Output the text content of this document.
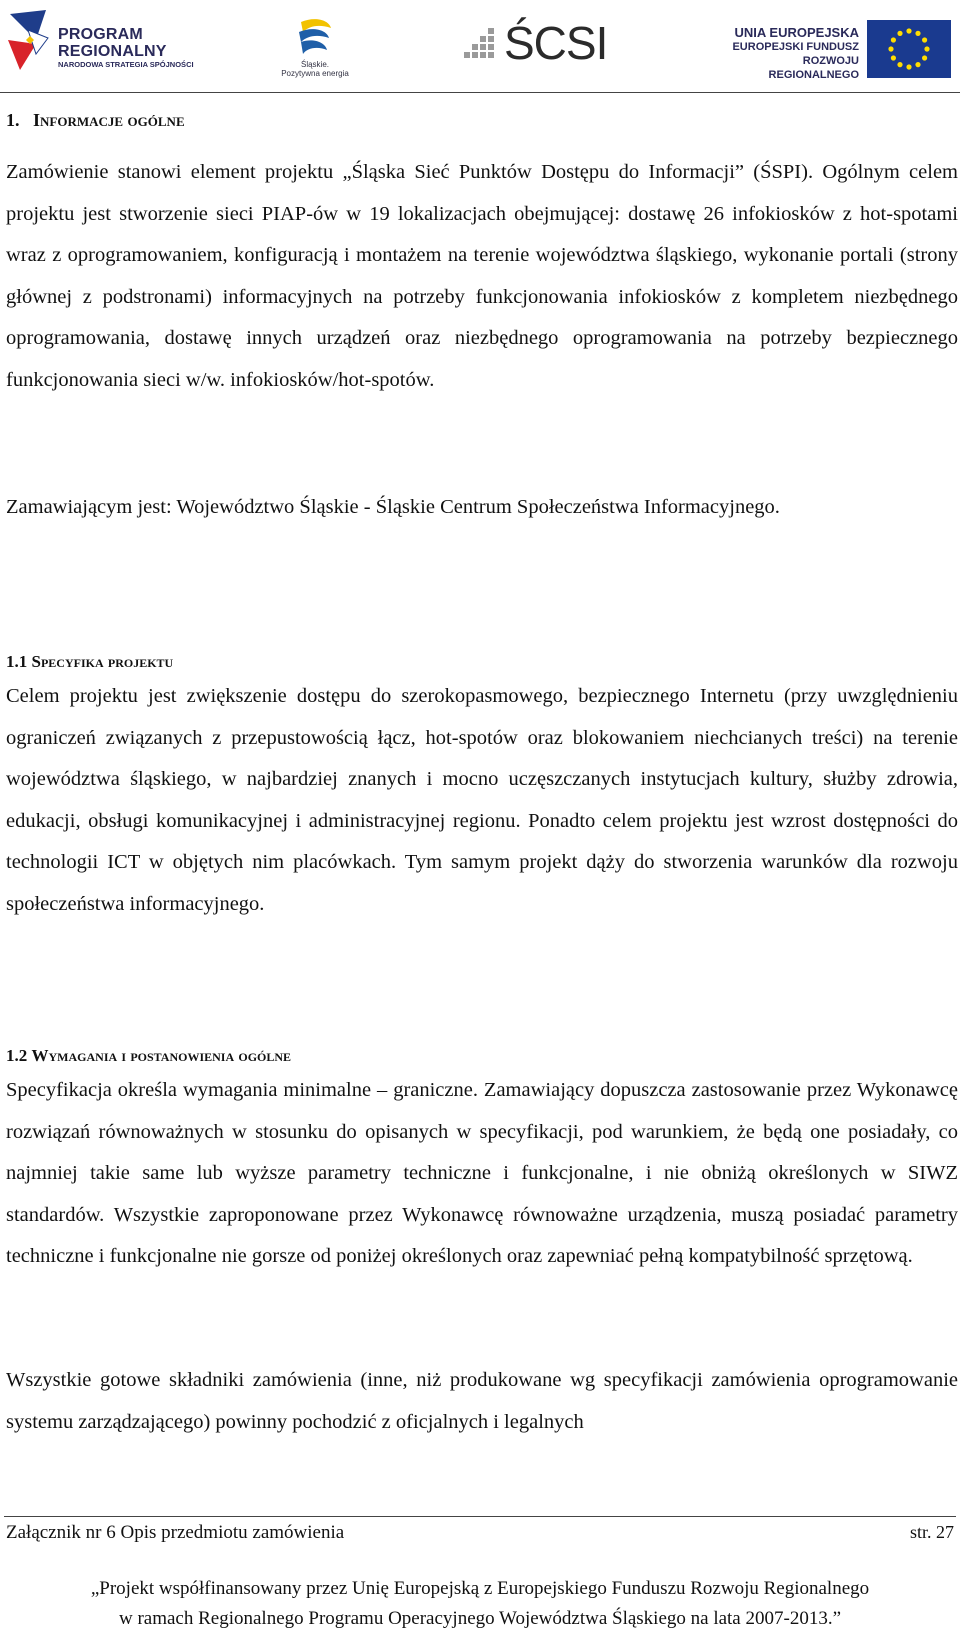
PROGRAM
REGIONALNY
NARODOWA STRATEGIA SPÓJNOŚCI	Śląskie.
Pozytywna energia
ŚCSI	UNIA EUROPEJSKA
EUROPEJSKI FUNDUSZ
ROZWOJU REGIONALNEGO
1. Informacje ogólne

Zamówienie stanowi element projektu „Śląska Sieć Punktów Dostępu do Informacji” (ŚSPI). Ogólnym celem projektu jest stworzenie sieci PIAP-ów w 19 lokalizacjach obejmującej: dostawę 26 infokiosków z hot-spotami wraz z oprogramowaniem, konfiguracją i montażem na terenie województwa śląskiego, wykonanie portali (strony głównej z podstronami) informacyjnych na potrzeby funkcjonowania infokiosków z kompletem niezbędnego oprogramowania, dostawę innych urządzeń oraz niezbędnego oprogramowania na potrzeby bezpiecznego funkcjonowania sieci w/w. infokiosków/hot-spotów.

Zamawiającym jest: Województwo Śląskie - Śląskie Centrum Społeczeństwa Informacyjnego.

1.1 Specyfika projektu

Celem projektu jest zwiększenie dostępu do szerokopasmowego, bezpiecznego Internetu (przy uwzględnieniu ograniczeń związanych z przepustowością łącz, hot-spotów oraz blokowaniem niechcianych treści) na terenie województwa śląskiego, w najbardziej znanych i mocno uczęszczanych instytucjach kultury, służby zdrowia, edukacji, obsługi komunikacyjnej i administracyjnej regionu. Ponadto celem projektu jest wzrost dostępności do technologii ICT w objętych nim placówkach. Tym samym projekt dąży do stworzenia warunków dla rozwoju społeczeństwa informacyjnego.

1.2 Wymagania i postanowienia ogólne

Specyfikacja określa wymagania minimalne – graniczne. Zamawiający dopuszcza zastosowanie przez Wykonawcę rozwiązań równoważnych w stosunku do opisanych w specyfikacji, pod warunkiem, że będą one posiadały, co najmniej takie same lub wyższe parametry techniczne i funkcjonalne, i nie obniżą określonych w SIWZ standardów. Wszystkie zaproponowane przez Wykonawcę równoważne urządzenia, muszą posiadać parametry techniczne i funkcjonalne nie gorsze od poniżej określonych oraz zapewniać pełną kompatybilność sprzętową.

Wszystkie gotowe składniki zamówienia (inne, niż produkowane wg specyfikacji zamówienia oprogramowanie systemu zarządzającego) powinny pochodzić z oficjalnych i legalnych

Załącznik nr 6 Opis przedmiotu zamówienia	str. 27
„Projekt współfinansowany przez Unię Europejską z Europejskiego Funduszu Rozwoju Regionalnego
w ramach Regionalnego Programu Operacyjnego Województwa Śląskiego na lata 2007-2013.”
